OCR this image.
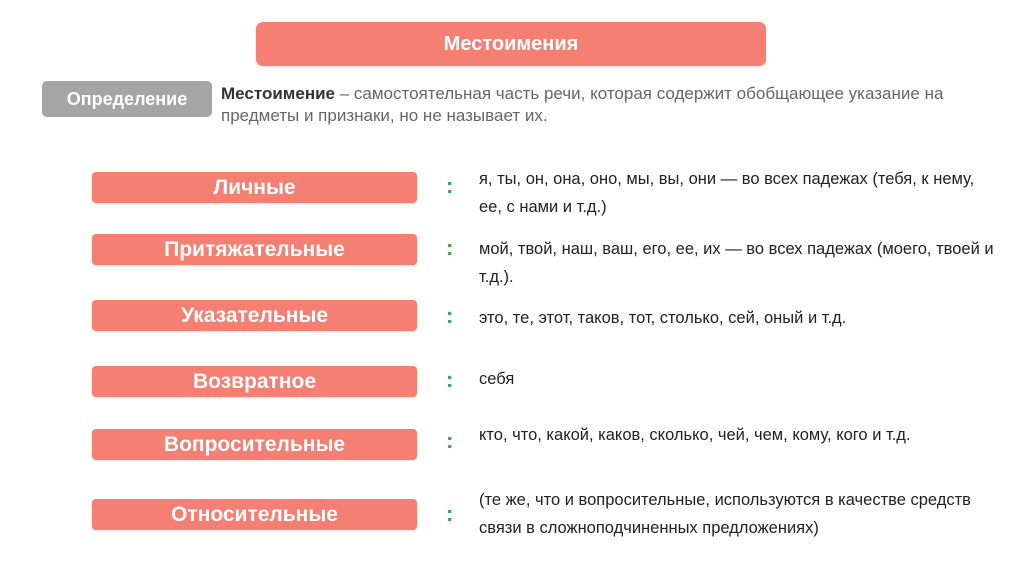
Местоимения
Определение	Местоимение – самостоятельная часть речи, которая содержит обобщающее указание на предметы и признаки, но не называет их.
Личные	: я, ты, он, она, оно, мы, вы, они — во всех падежах (тебя, к нему, ее, с нами и т.д.)
Притяжательные	: мой, твой, наш, ваш, его, ее, их — во всех падежах (моего, твоей и т.д.).
Указательные	: это, те, этот, таков, тот, столько, сей, оный и т.д.
Возвратное	: себя
Вопросительные	: кто, что, какой, каков, сколько, чей, чем, кому, кого и т.д.
Относительные	:
(те же, что и вопросительные, используются в качестве средств связи в сложноподчиненных предложениях)
